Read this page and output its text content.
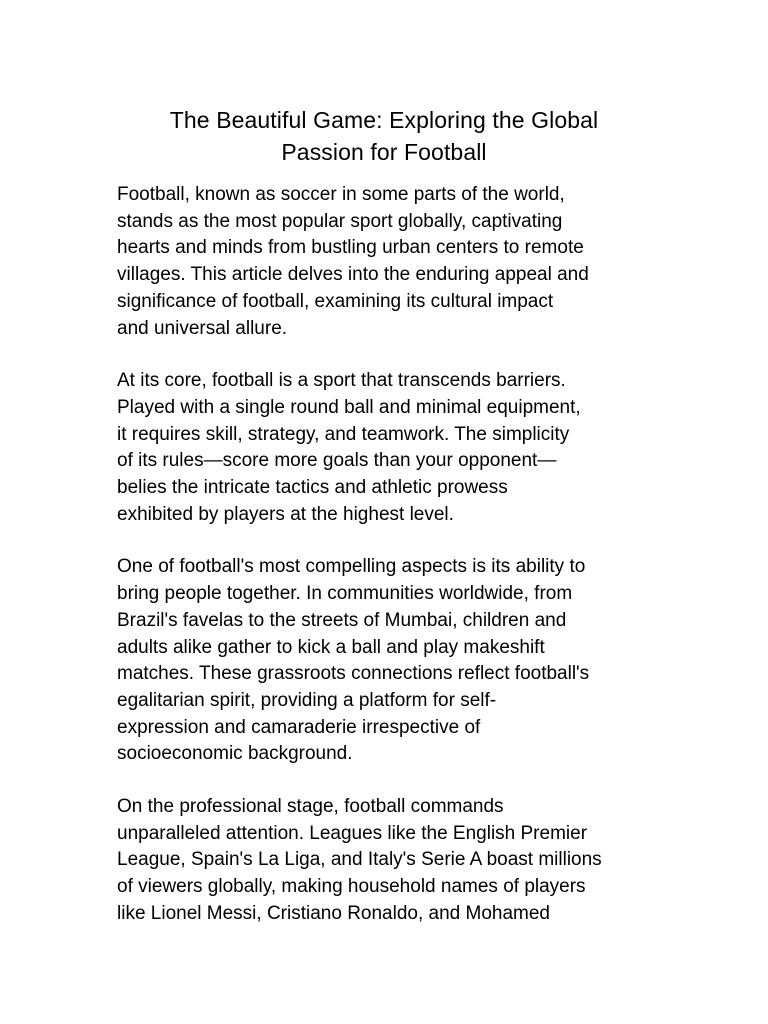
The Beautiful Game: Exploring the Global
Passion for Football

Football, known as soccer in some parts of the world,
stands as the most popular sport globally, captivating
hearts and minds from bustling urban centers to remote
villages. This article delves into the enduring appeal and
significance of football, examining its cultural impact
and universal allure.

At its core, football is a sport that transcends barriers.
Played with a single round ball and minimal equipment,
it requires skill, strategy, and teamwork. The simplicity
of its rules—score more goals than your opponent—
belies the intricate tactics and athletic prowess
exhibited by players at the highest level.

One of football's most compelling aspects is its ability to
bring people together. In communities worldwide, from
Brazil's favelas to the streets of Mumbai, children and
adults alike gather to kick a ball and play makeshift
matches. These grassroots connections reflect football's
egalitarian spirit, providing a platform for self-
expression and camaraderie irrespective of
socioeconomic background.

On the professional stage, football commands
unparalleled attention. Leagues like the English Premier
League, Spain's La Liga, and Italy's Serie A boast millions
of viewers globally, making household names of players
like Lionel Messi, Cristiano Ronaldo, and Mohamed
